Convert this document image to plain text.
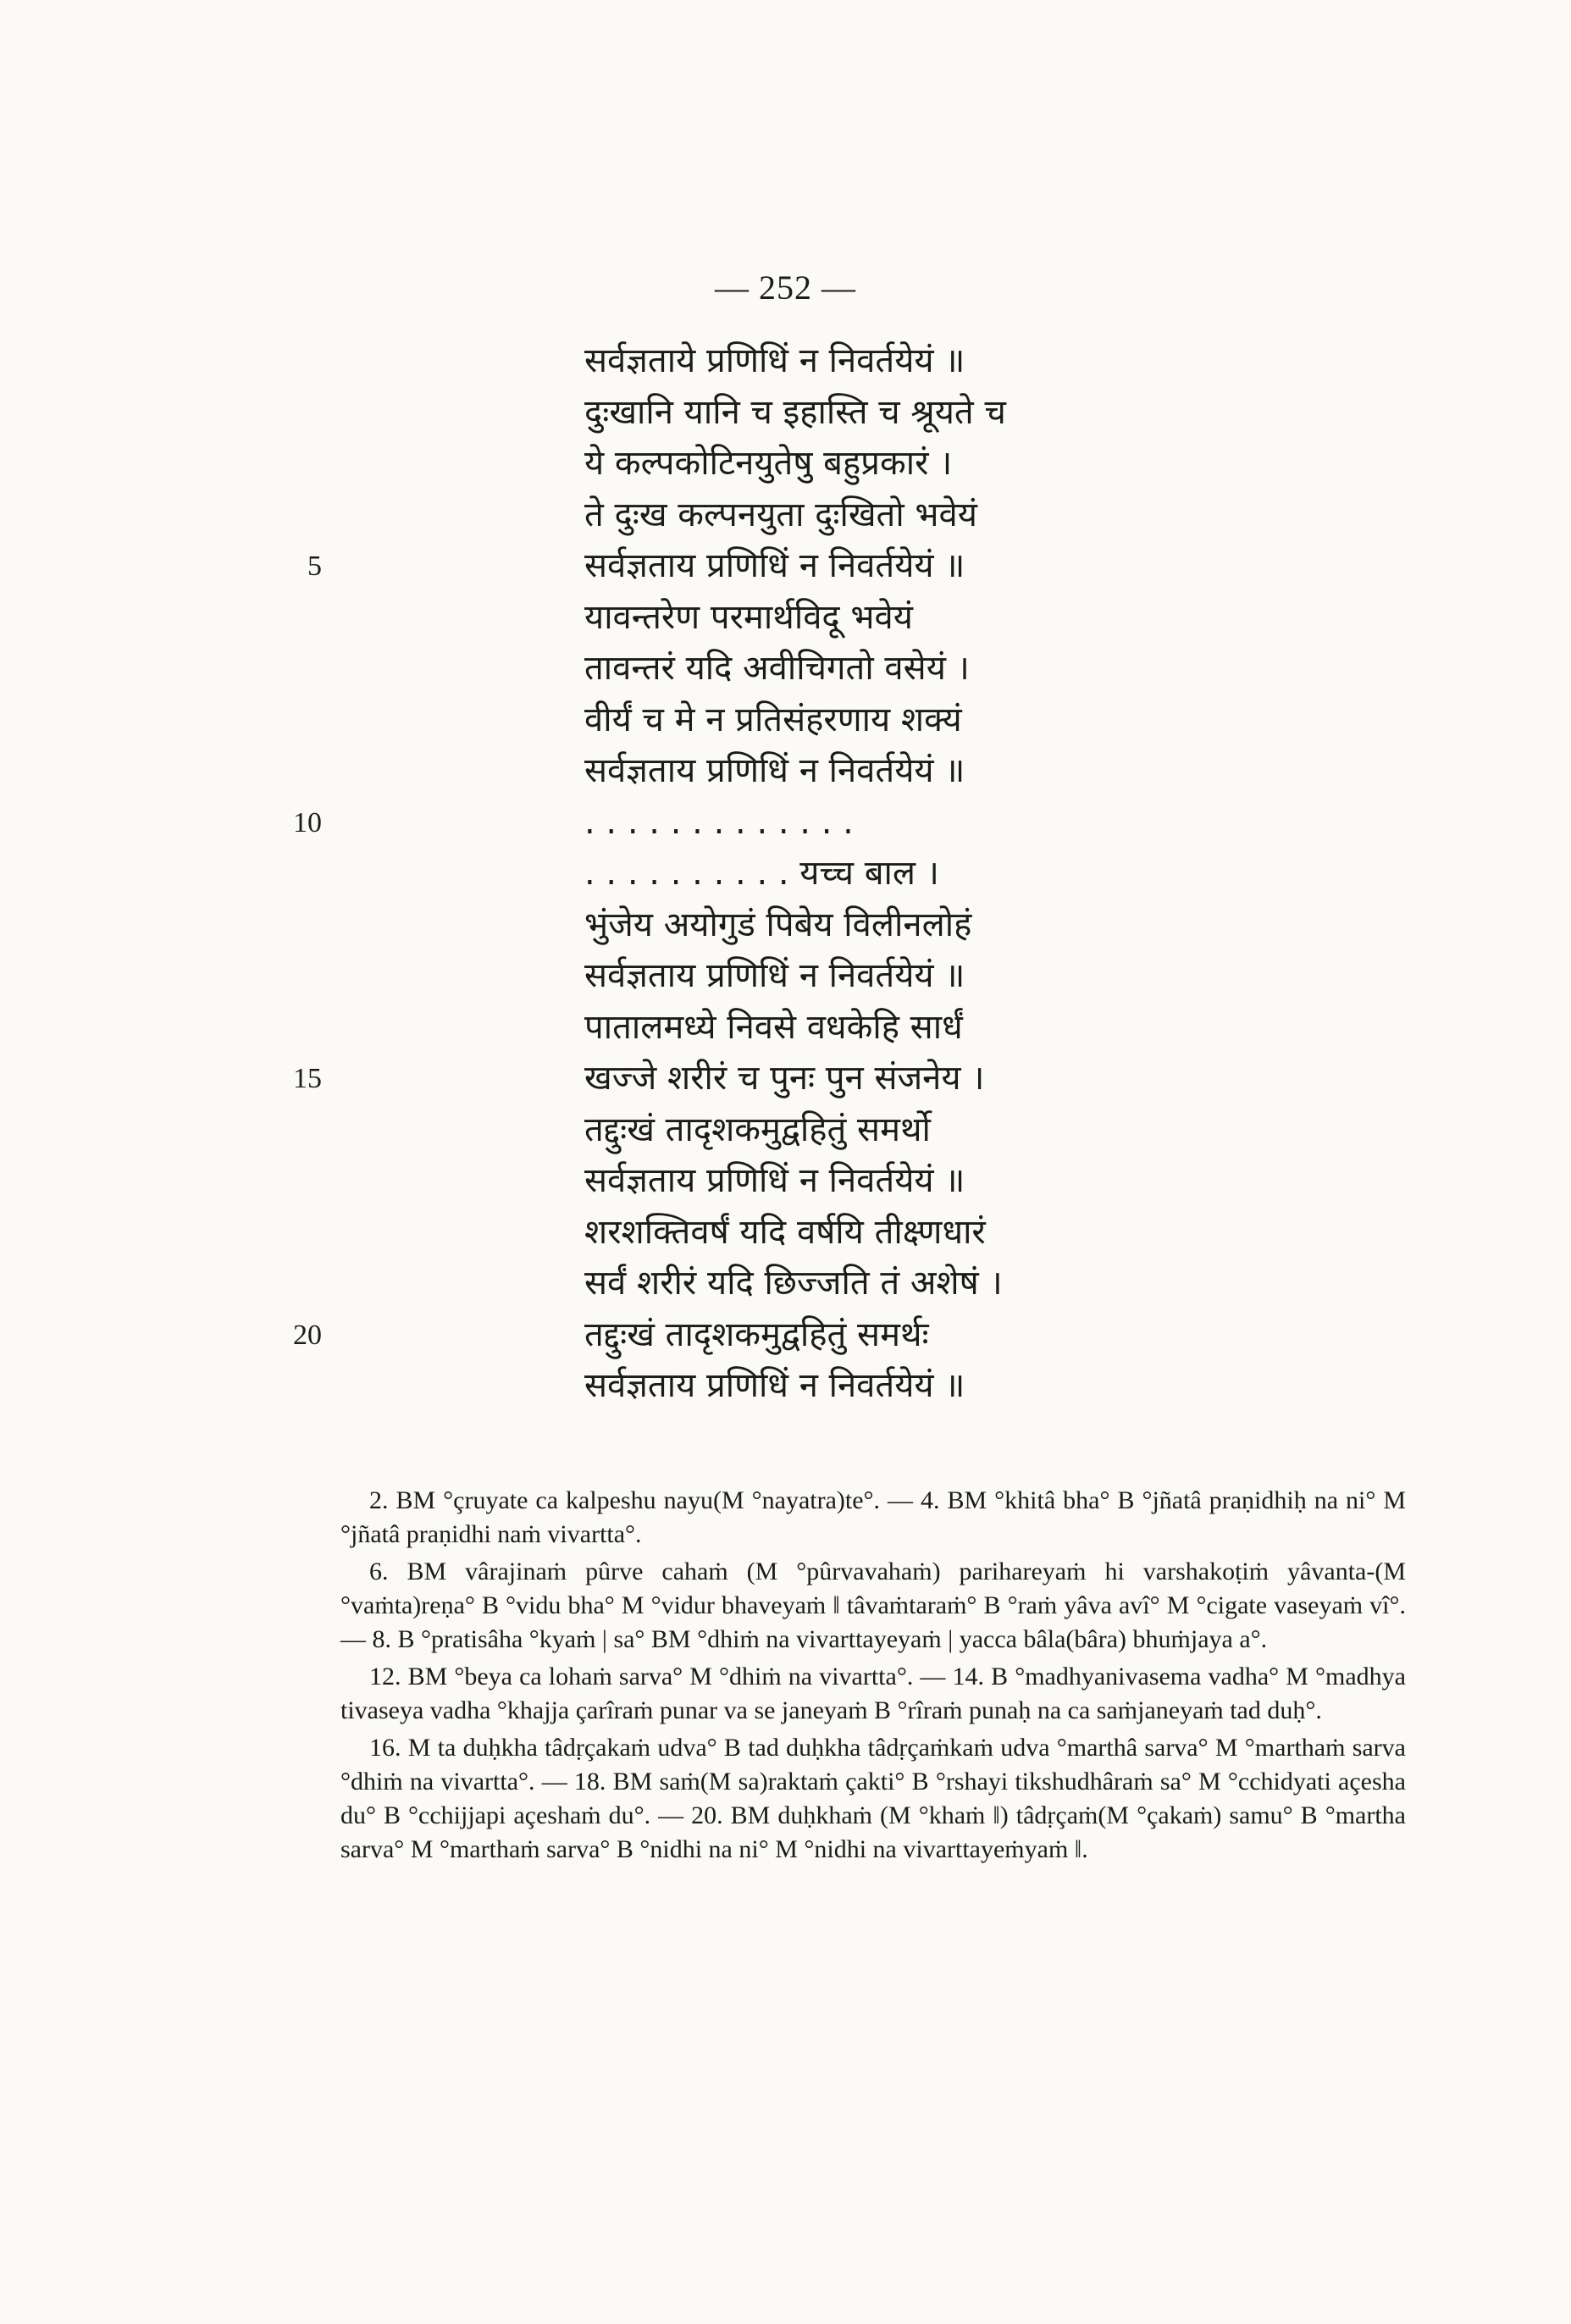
— 252 —
5
10
15
20
सर्वज्ञताये प्रणिधिं न निवर्तयेयं ॥
दुःखानि यानि च इहास्ति च श्रूयते च
ये कल्पकोटिनयुतेषु बहुप्रकारं ।
ते दुःख कल्पनयुता दुःखितो भवेयं
सर्वज्ञताय प्रणिधिं न निवर्तयेयं ॥
यावन्तरेण परमार्थविदू भवेयं
तावन्तरं यदि अवीचिगतो वसेयं ।
वीर्यं च मे न प्रतिसंहरणाय शक्यं
सर्वज्ञताय प्रणिधिं न निवर्तयेयं ॥
. . . . . . . . . . . . .
. . . . . . . . . . यच्च बाल ।
भुंजेय अयोगुडं पिबेय विलीनलोहं
सर्वज्ञताय प्रणिधिं न निवर्तयेयं ॥
पातालमध्ये निवसे वधकेहि सार्धं
खज्जे शरीरं च पुनः पुन संजनेय ।
तद्दुःखं तादृशकमुद्वहितुं समर्थो
सर्वज्ञताय प्रणिधिं न निवर्तयेयं ॥
शरशक्तिवर्षं यदि वर्षयि तीक्ष्णधारं
सर्वं शरीरं यदि छिज्जति तं अशेषं ।
तद्दुःखं तादृशकमुद्वहितुं समर्थः
सर्वज्ञताय प्रणिधिं न निवर्तयेयं ॥

2. BM °çruyate ca kalpeshu nayu(M °nayatra)te°. — 4. BM °khitâ bha° B °jñatâ praṇidhiḥ na ni° M °jñatâ praṇidhi naṁ vivartta°.

6. BM vârajinaṁ pûrve cahaṁ (M °pûrvavahaṁ) parihareyaṁ hi varshakoṭiṁ yâvanta-(M °vaṁta)reṇa° B °vidu bha° M °vidur bhaveyaṁ ‖ tâvaṁtaraṁ° B °raṁ yâva avî° M °cigate vaseyaṁ vî°. — 8. B °pratisâha °kyaṁ | sa° BM °dhiṁ na vivarttayeyaṁ | yacca bâla(bâra) bhuṁjaya a°.

12. BM °beya ca lohaṁ sarva° M °dhiṁ na vivartta°. — 14. B °madhyanivasema vadha° M °madhya tivaseya vadha °khajja çarîraṁ punar va se janeyaṁ B °rîraṁ punaḥ na ca saṁjaneyaṁ tad duḥ°.

16. M ta duḥkha tâdṛçakaṁ udva° B tad duḥkha tâdṛçaṁkaṁ udva °marthâ sarva° M °marthaṁ sarva °dhiṁ na vivartta°. — 18. BM saṁ(M sa)raktaṁ çakti° B °rshayi tikshudhâraṁ sa° M °cchidyati açesha du° B °cchijjapi açeshaṁ du°. — 20. BM duḥkhaṁ (M °khaṁ ‖) tâdṛçaṁ(M °çakaṁ) samu° B °martha sarva° M °marthaṁ sarva° B °nidhi na ni° M °nidhi na vivarttayeṁyaṁ ‖.
